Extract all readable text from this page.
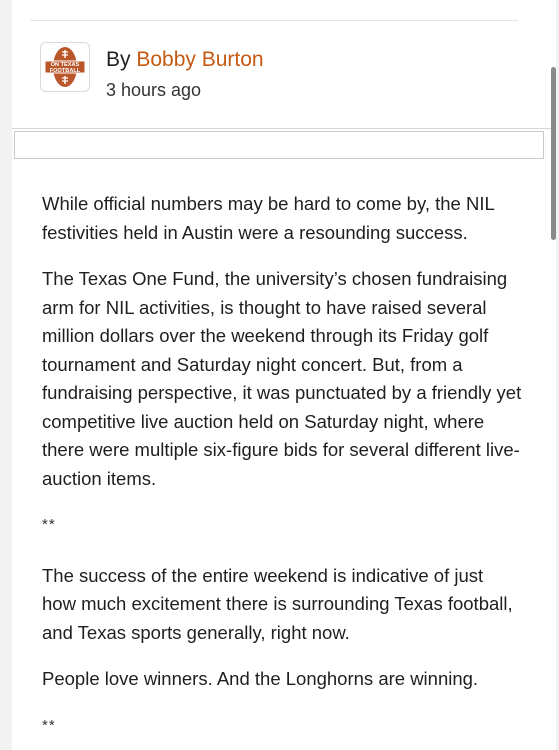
ON TEXAS
FOOTBALL By Bobby Burton
3 hours ago

While official numbers may be hard to come by, the NIL festivities held in Austin were a resounding success.

The Texas One Fund, the university’s chosen fundraising arm for NIL activities, is thought to have raised several million dollars over the weekend through its Friday golf tournament and Saturday night concert. But, from a fundraising perspective, it was punctuated by a friendly yet competitive live auction held on Saturday night, where there were multiple six-figure bids for several different live-auction items.

**

The success of the entire weekend is indicative of just how much excitement there is surrounding Texas football, and Texas sports generally, right now.

People love winners. And the Longhorns are winning.

**
